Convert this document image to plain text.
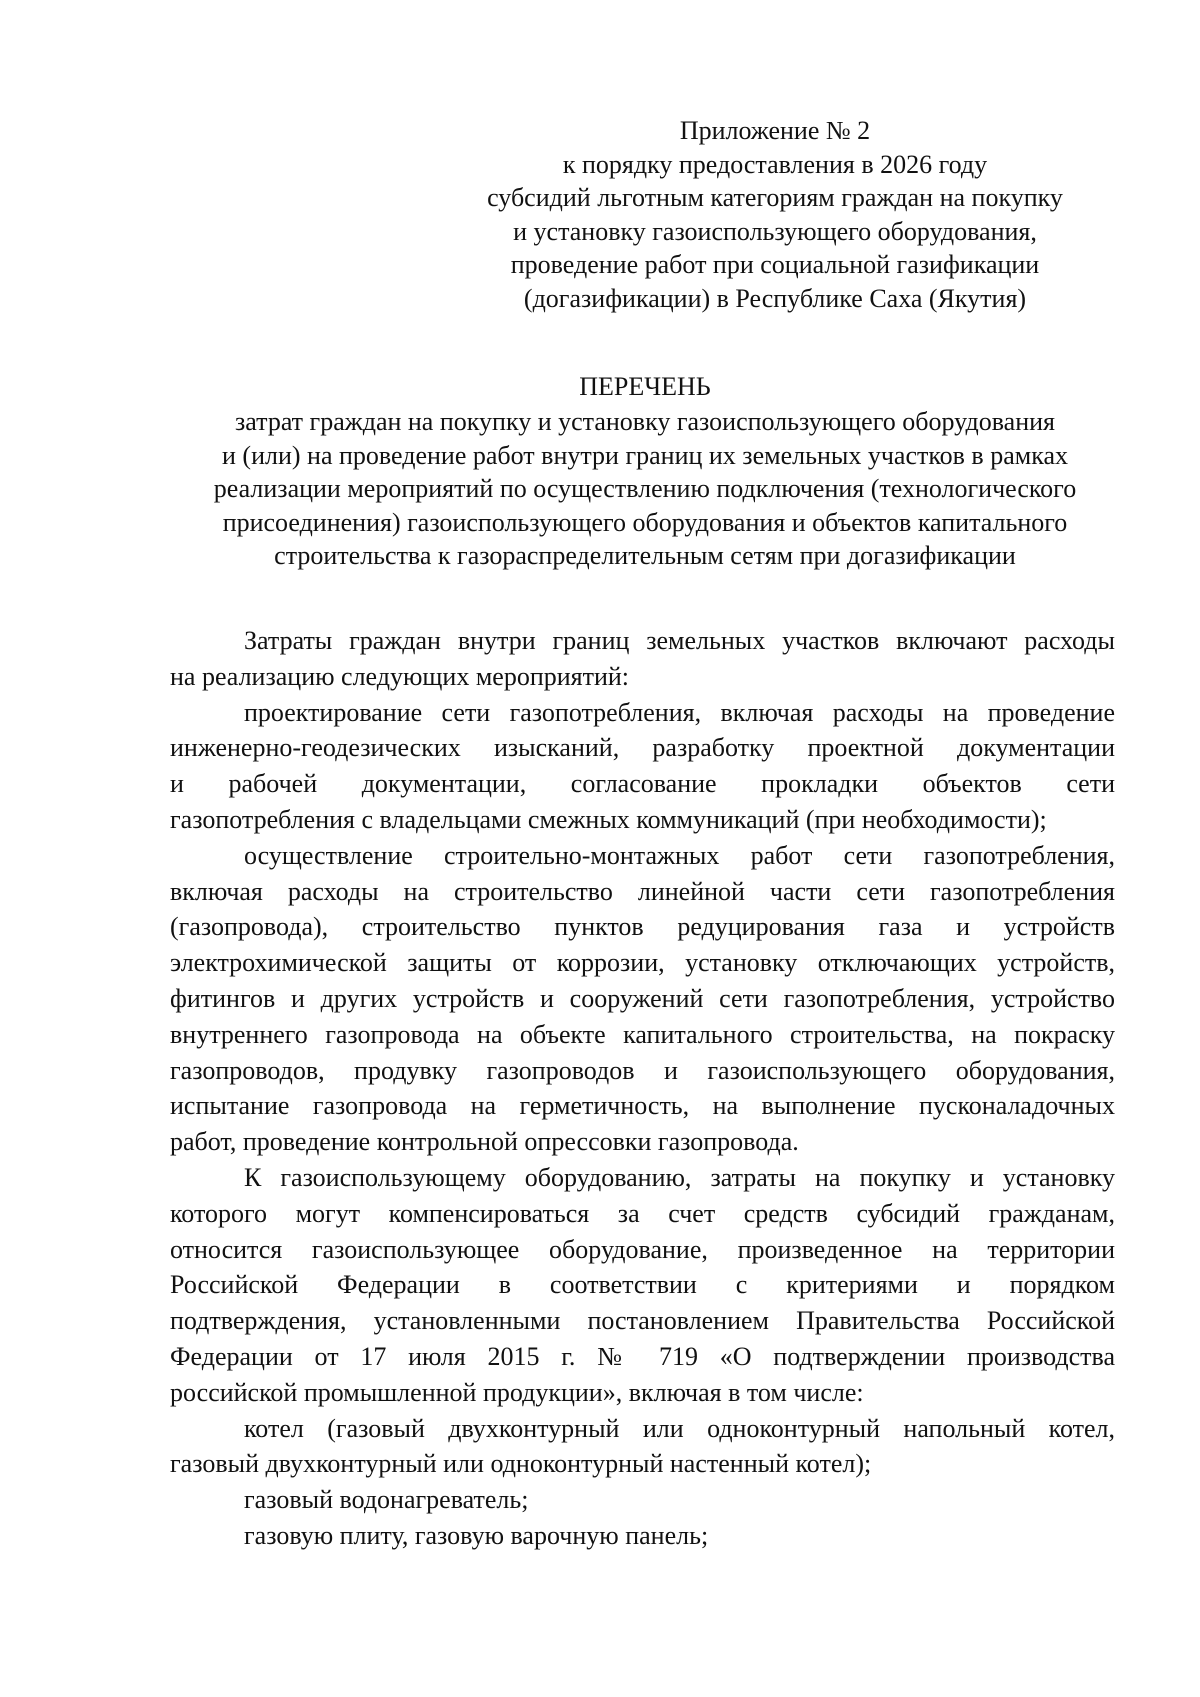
Приложение № 2
к порядку предоставления в 2026 году
субсидий льготным категориям граждан на покупку
и установку газоиспользующего оборудования,
проведение работ при социальной газификации
(догазификации) в Республике Саха (Якутия)
ПЕРЕЧЕНЬ
затрат граждан на покупку и установку газоиспользующего оборудования
и (или) на проведение работ внутри границ их земельных участков в рамках
реализации мероприятий по осуществлению подключения (технологического
присоединения) газоиспользующего оборудования и объектов капитального
строительства к газораспределительным сетям при догазификации
Затраты граждан внутри границ земельных участков включают расходы
на реализацию следующих мероприятий:
проектирование сети газопотребления, включая расходы на проведение
инженерно-геодезических изысканий, разработку проектной документации
и рабочей документации, согласование прокладки объектов сети
газопотребления с владельцами смежных коммуникаций (при необходимости);
осуществление строительно-монтажных работ сети газопотребления,
включая расходы на строительство линейной части сети газопотребления
(газопровода), строительство пунктов редуцирования газа и устройств
электрохимической защиты от коррозии, установку отключающих устройств,
фитингов и других устройств и сооружений сети газопотребления, устройство
внутреннего газопровода на объекте капитального строительства, на покраску
газопроводов, продувку газопроводов и газоиспользующего оборудования,
испытание газопровода на герметичность, на выполнение пусконаладочных
работ, проведение контрольной опрессовки газопровода.
К газоиспользующему оборудованию, затраты на покупку и установку
которого могут компенсироваться за счет средств субсидий гражданам,
относится газоиспользующее оборудование, произведенное на территории
Российской Федерации в соответствии с критериями и порядком
подтверждения, установленными постановлением Правительства Российской
Федерации от 17 июля 2015 г. № 719 «О подтверждении производства
российской промышленной продукции», включая в том числе:
котел (газовый двухконтурный или одноконтурный напольный котел,
газовый двухконтурный или одноконтурный настенный котел);
газовый водонагреватель;
газовую плиту, газовую варочную панель;
